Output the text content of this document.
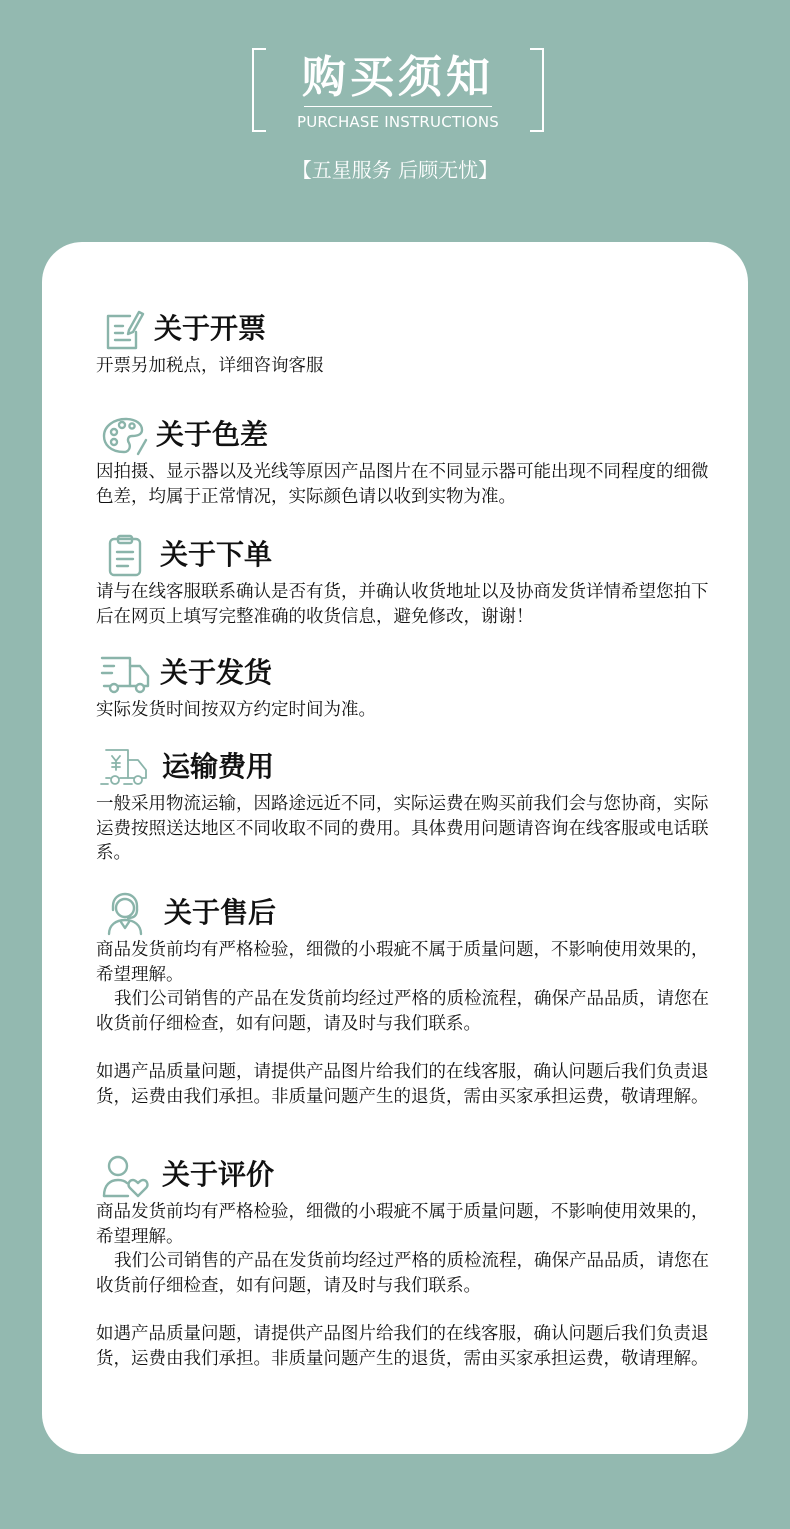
购买须知
PURCHASE INSTRUCTIONS
【五星服务 后顾无忧】
关于开票

开票另加税点，详细咨询客服

关于色差

因拍摄、显示器以及光线等原因产品图片在不同显示器可能出现不同程度的细微色差，均属于正常情况，实际颜色请以收到实物为准。

关于下单

请与在线客服联系确认是否有货，并确认收货地址以及协商发货详情希望您拍下后在网页上填写完整准确的收货信息，避免修改，谢谢！

关于发货

实际发货时间按双方约定时间为准。

运输费用

一般采用物流运输，因路途远近不同，实际运费在购买前我们会与您协商，实际运费按照送达地区不同收取不同的费用。具体费用问题请咨询在线客服或电话联系。

关于售后

商品发货前均有严格检验，细微的小瑕疵不属于质量问题，不影响使用效果的，希望理解。

我们公司销售的产品在发货前均经过严格的质检流程，确保产品品质，请您在收货前仔细检查，如有问题，请及时与我们联系。

如遇产品质量问题，请提供产品图片给我们的在线客服，确认问题后我们负责退货，运费由我们承担。非质量问题产生的退货，需由买家承担运费，敬请理解。

关于评价

商品发货前均有严格检验，细微的小瑕疵不属于质量问题，不影响使用效果的，希望理解。

我们公司销售的产品在发货前均经过严格的质检流程，确保产品品质，请您在收货前仔细检查，如有问题，请及时与我们联系。

如遇产品质量问题，请提供产品图片给我们的在线客服，确认问题后我们负责退货，运费由我们承担。非质量问题产生的退货，需由买家承担运费，敬请理解。
